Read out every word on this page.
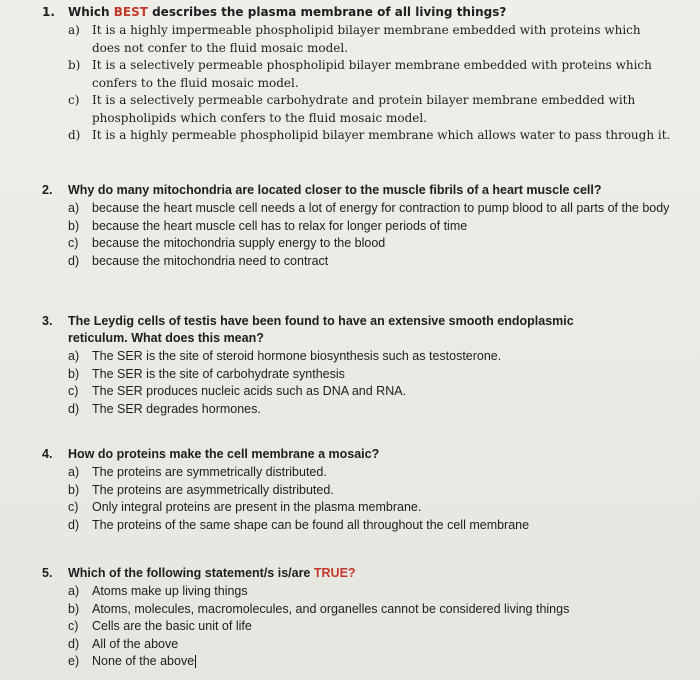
1.	Which BEST describes the plasma membrane of all living things?
a)	It is a highly impermeable phospholipid bilayer membrane embedded with proteins which does not confer to the fluid mosaic model.
b) It is a selectively permeable phospholipid bilayer membrane embedded with proteins which confers to the fluid mosaic model.
c)	It is a selectively permeable carbohydrate and protein bilayer membrane embedded with phospholipids which confers to the fluid mosaic model.
d) It is a highly permeable phospholipid bilayer membrane which allows water to pass through it.
2.	Why do many mitochondria are located closer to the muscle fibrils of a heart muscle cell?
a)	because the heart muscle cell needs a lot of energy for contraction to pump blood to all parts of the body
b)	because the heart muscle cell has to relax for longer periods of time
c)	because the mitochondria supply energy to the blood
d)	because the mitochondria need to contract
3.	The Leydig cells of testis have been found to have an extensive smooth endoplasmic reticulum. What does this mean?
a)	The SER is the site of steroid hormone biosynthesis such as testosterone.
b)	The SER is the site of carbohydrate synthesis
c)	The SER produces nucleic acids such as DNA and RNA.
d)	The SER degrades hormones.
4.	How do proteins make the cell membrane a mosaic?
a)	The proteins are symmetrically distributed.
b)	The proteins are asymmetrically distributed.
c)	Only integral proteins are present in the plasma membrane.
d)	The proteins of the same shape can be found all throughout the cell membrane
5.	Which of the following statement/s is/are TRUE?
a)	Atoms make up living things
b)	Atoms, molecules, macromolecules, and organelles cannot be considered living things
c)	Cells are the basic unit of life
d)	All of the above
e)	None of the above
